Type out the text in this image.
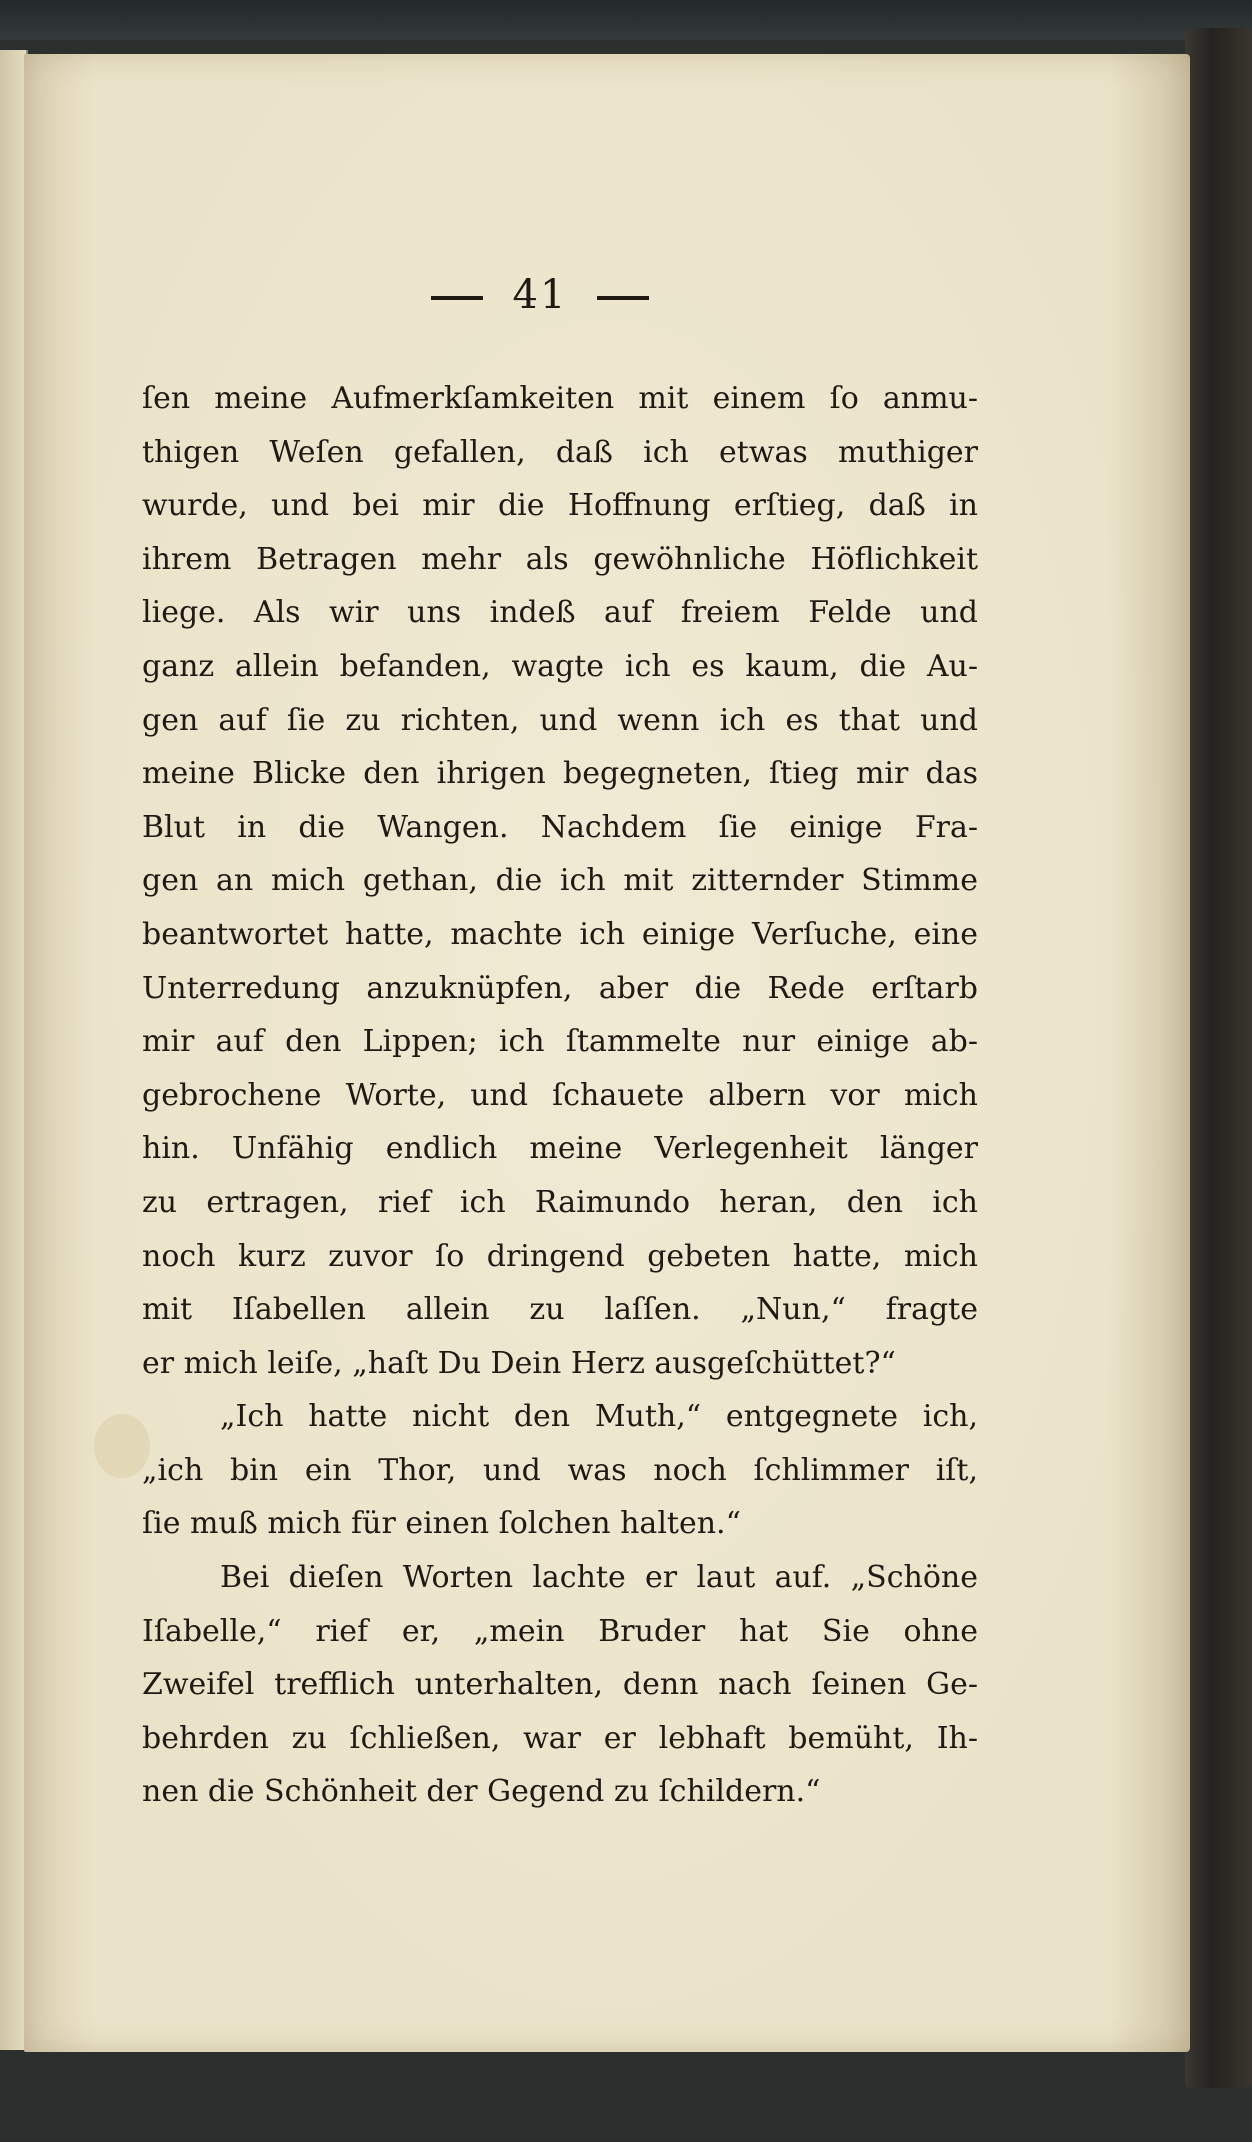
41
ſen meine Aufmerkſamkeiten mit einem ſo anmu-
thigen Weſen gefallen, daß ich etwas muthiger
wurde, und bei mir die Hoffnung erſtieg, daß in
ihrem Betragen mehr als gewöhnliche Höflichkeit
liege. Als wir uns indeß auf freiem Felde und
ganz allein befanden, wagte ich es kaum, die Au-
gen auf ſie zu richten, und wenn ich es that und
meine Blicke den ihrigen begegneten, ſtieg mir das
Blut in die Wangen. Nachdem ſie einige Fra-
gen an mich gethan, die ich mit zitternder Stimme
beantwortet hatte, machte ich einige Verſuche, eine
Unterredung anzuknüpfen, aber die Rede erſtarb
mir auf den Lippen; ich ſtammelte nur einige ab-
gebrochene Worte, und ſchauete albern vor mich
hin. Unfähig endlich meine Verlegenheit länger
zu ertragen, rief ich Raimundo heran, den ich
noch kurz zuvor ſo dringend gebeten hatte, mich
mit Iſabellen allein zu laſſen. „Nun,“ fragte
er mich leiſe, „haſt Du Dein Herz ausgeſchüttet?“
„Ich hatte nicht den Muth,“ entgegnete ich,
„ich bin ein Thor, und was noch ſchlimmer iſt,
ſie muß mich für einen ſolchen halten.“
Bei dieſen Worten lachte er laut auf. „Schöne
Iſabelle,“ rief er, „mein Bruder hat Sie ohne
Zweifel trefflich unterhalten, denn nach ſeinen Ge-
behrden zu ſchließen, war er lebhaft bemüht, Ih-
nen die Schönheit der Gegend zu ſchildern.“
